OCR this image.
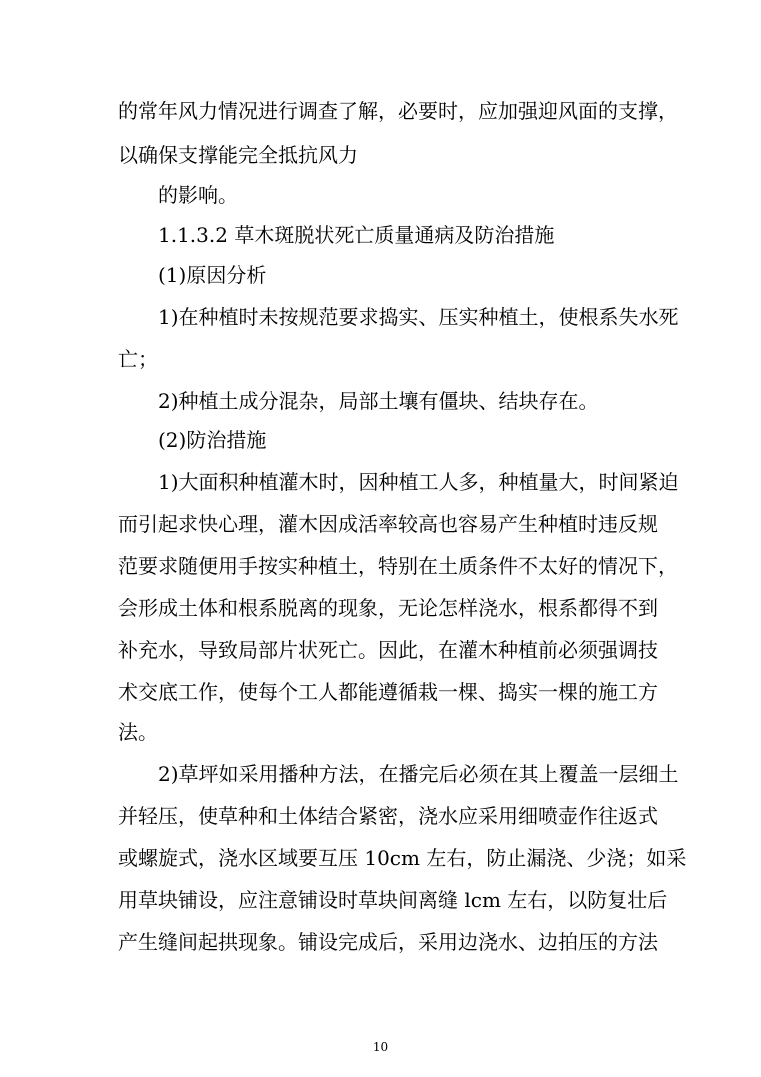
的常年风力情况进行调查了解，必要时，应加强迎风面的支撑，
以确保支撑能完全抵抗风力
的影响。
1.1.3.2 草木斑脱状死亡质量通病及防治措施
(1)原因分析
1)在种植时未按规范要求捣实、压实种植土，使根系失水死
亡；
2)种植土成分混杂，局部土壤有僵块、结块存在。
(2)防治措施
1)大面积种植灌木时，因种植工人多，种植量大，时间紧迫
而引起求快心理，灌木因成活率较高也容易产生种植时违反规
范要求随便用手按实种植土，特别在土质条件不太好的情况下，
会形成土体和根系脱离的现象，无论怎样浇水，根系都得不到
补充水，导致局部片状死亡。因此，在灌木种植前必须强调技
术交底工作，使每个工人都能遵循栽一棵、捣实一棵的施工方
法。
2)草坪如采用播种方法，在播完后必须在其上覆盖一层细土
并轻压，使草种和土体结合紧密，浇水应采用细喷壶作往返式
或螺旋式，浇水区域要互压 10cm 左右，防止漏浇、少浇；如采
用草块铺设，应注意铺设时草块间离缝 lcm 左右，以防复壮后
产生缝间起拱现象。铺设完成后，采用边浇水、边拍压的方法
10
